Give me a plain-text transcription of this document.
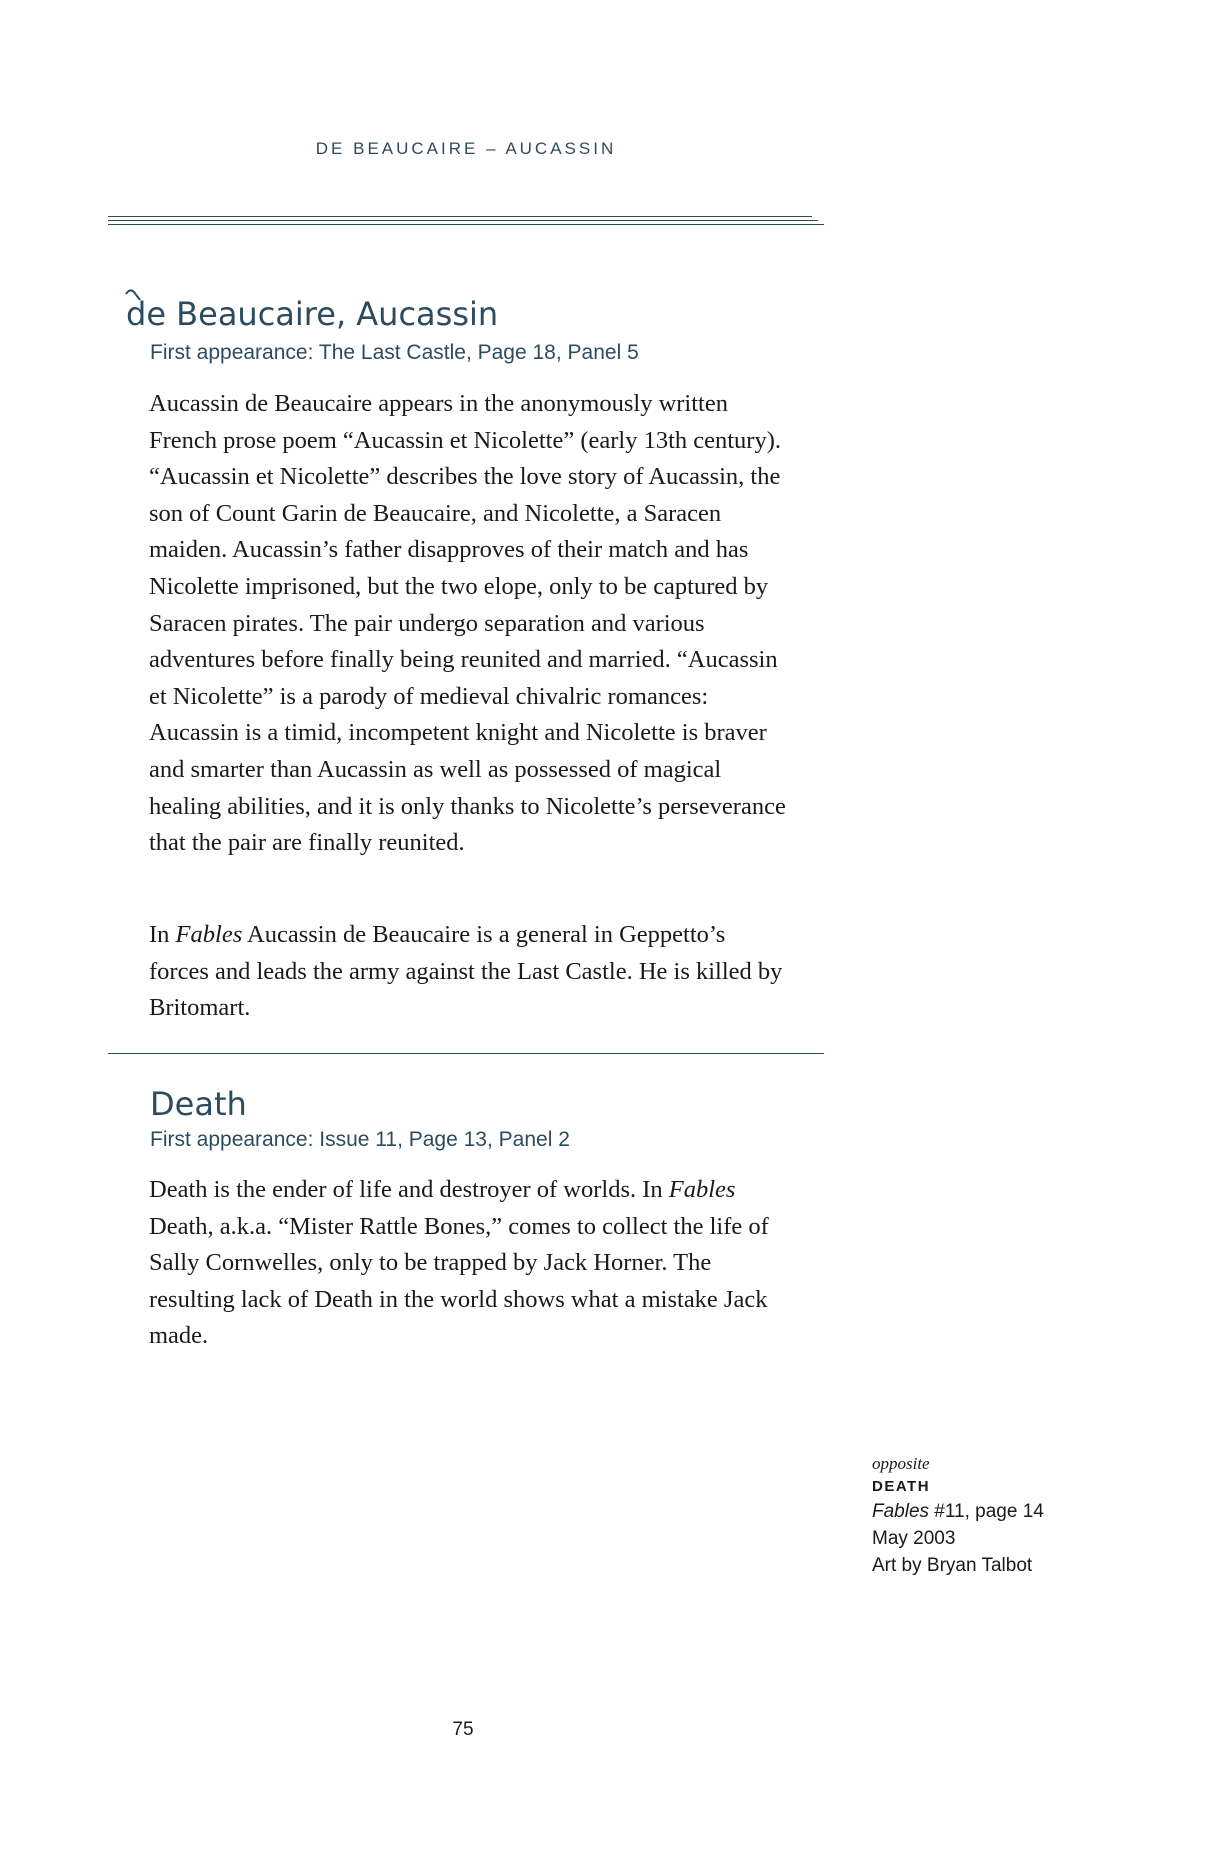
DE BEAUCAIRE – AUCASSIN
de Beaucaire, Aucassin
First appearance: The Last Castle, Page 18, Panel 5

Aucassin de Beaucaire appears in the anonymously written French prose poem “Aucassin et Nicolette” (early 13th century). “Aucassin et Nicolette” describes the love story of Aucassin, the son of Count Garin de Beaucaire, and Nicolette, a Saracen maiden. Aucassin’s father disapproves of their match and has Nicolette imprisoned, but the two elope, only to be captured by Saracen pirates. The pair undergo separation and various adventures before finally being reunited and married. “Aucassin et Nicolette” is a parody of medieval chivalric romances: Aucassin is a timid, incompetent knight and Nicolette is braver and smarter than Aucassin as well as possessed of magical healing abilities, and it is only thanks to Nicolette’s perseverance that the pair are finally reunited.

In Fables Aucassin de Beaucaire is a general in Geppetto’s forces and leads the army against the Last Castle. He is killed by Britomart.

Death
First appearance: Issue 11, Page 13, Panel 2

Death is the ender of life and destroyer of worlds. In Fables Death, a.k.a. “Mister Rattle Bones,” comes to collect the life of Sally Cornwelles, only to be trapped by Jack Horner. The resulting lack of Death in the world shows what a mistake Jack made.

opposite
DEATH
Fables #11, page 14
May 2003
Art by Bryan Talbot
75
